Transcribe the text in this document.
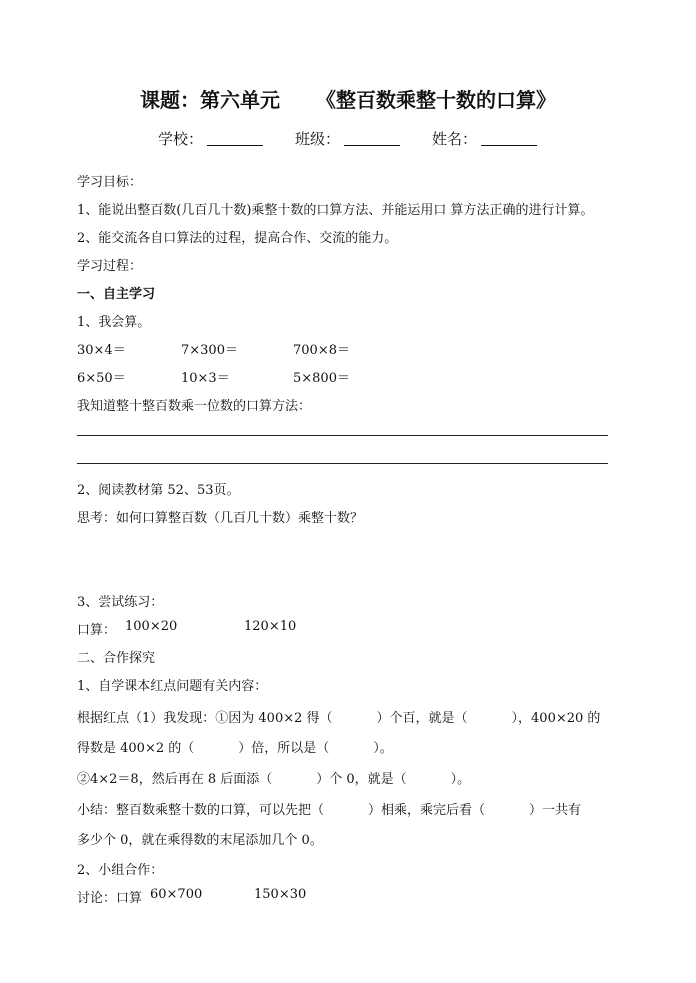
课题：第六单元 《整百数乘整十数的口算》
学校：	班级：	姓名：
学习目标：
1、能说出整百数(几百几十数)乘整十数的口算方法、并能运用口 算方法正确的进行计算。
2、能交流各自口算法的过程，提高合作、交流的能力。
学习过程：
一、自主学习
1、我会算。
30×4＝	7×300＝	700×8＝
6×50＝	10×3＝	5×800＝
我知道整十整百数乘一位数的口算方法：
2、阅读教材第 52、53页。
思考：如何口算整百数（几百几十数）乘整十数？
3、尝试练习：
口算： 100×20	120×10
二、合作探究
1、自学课本红点问题有关内容：
根据红点（1）我发现：①因为 400×2 得（	）个百，就是（	），400×20 的
得数是 400×2 的（	）倍，所以是（	）。
②4×2＝8，然后再在 8 后面添（	）个 0，就是（	）。
小结：整百数乘整十数的口算，可以先把（	）相乘，乘完后看（	）一共有
多少个 0，就在乘得数的末尾添加几个 0。
2、小组合作：
讨论：口算 60×700	150×30
